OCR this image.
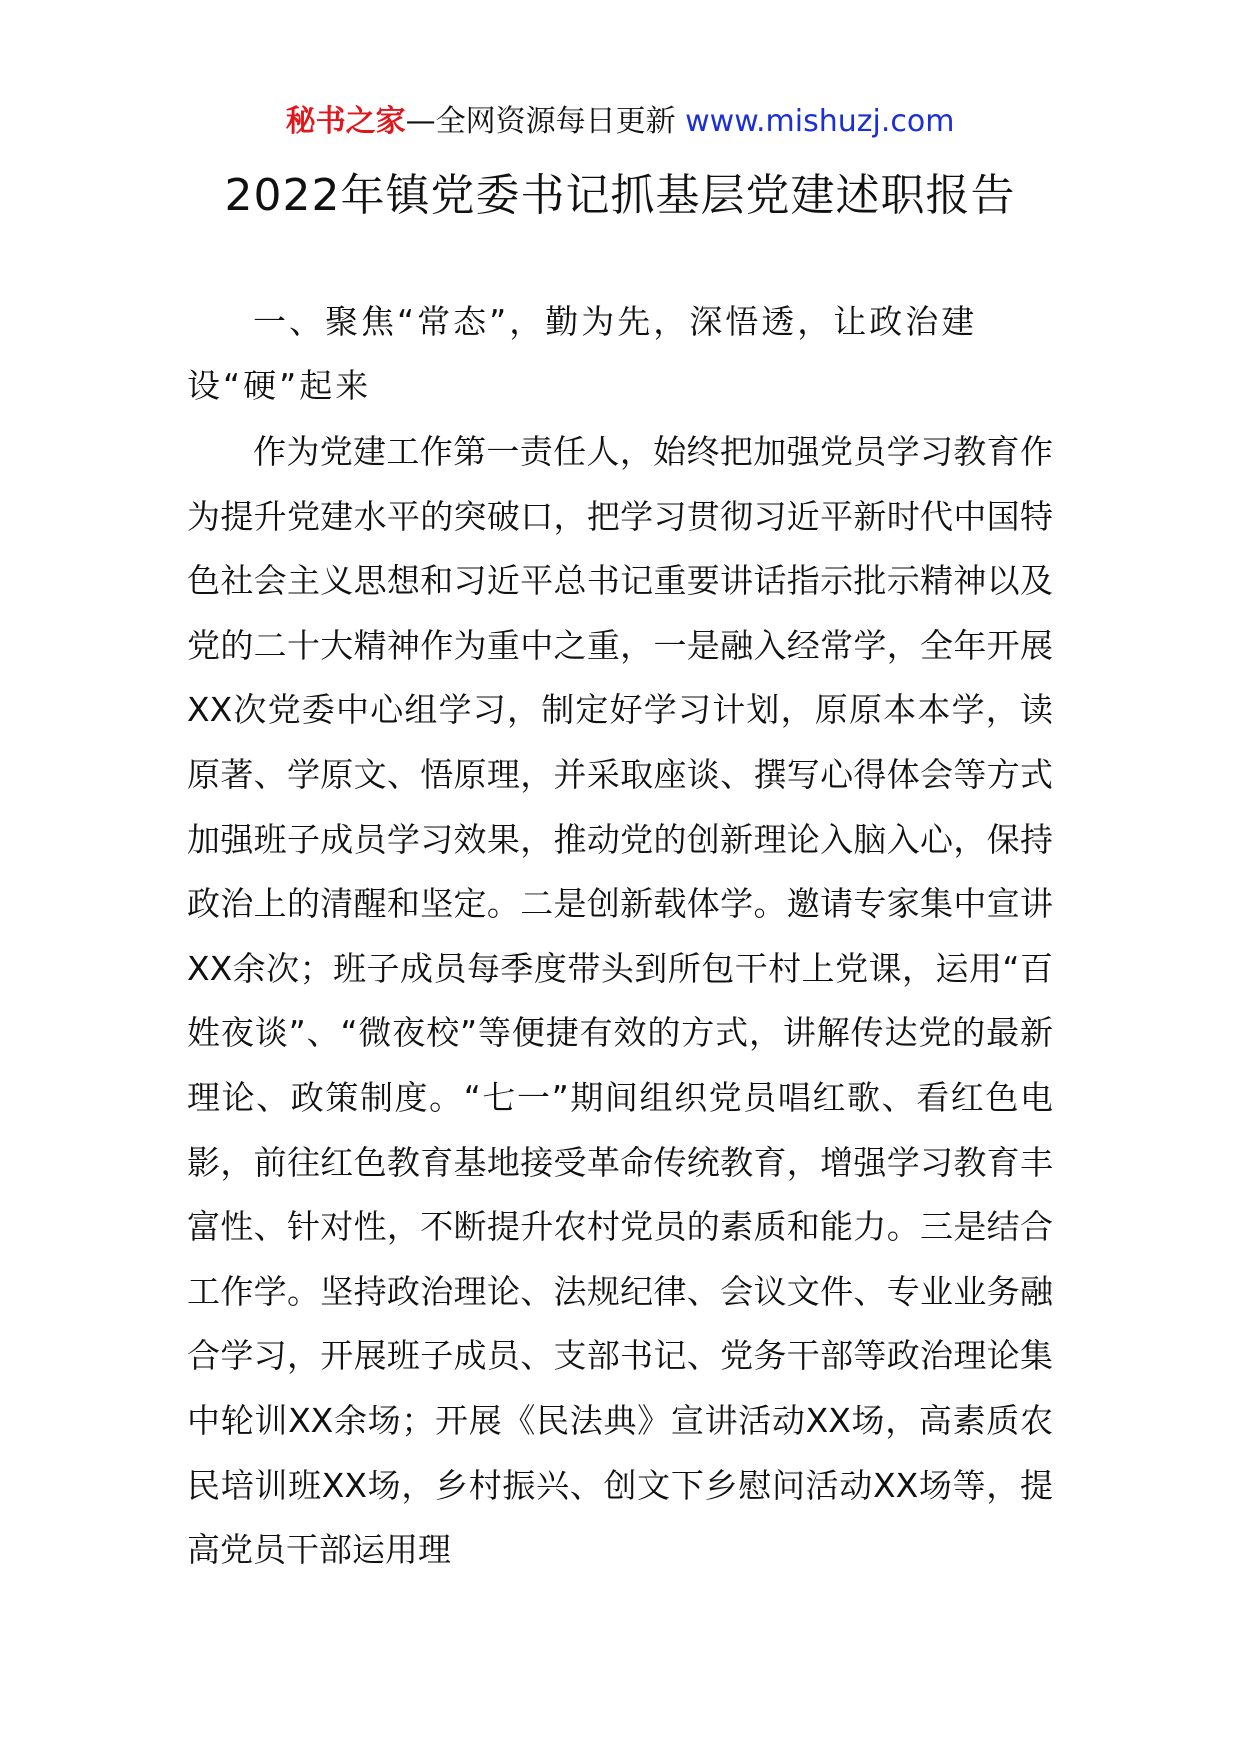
秘书之家—全网资源每日更新 www.mishuzj.com
2022年镇党委书记抓基层党建述职报告
一、聚焦“常态”，勤为先，深悟透，让政治建设“硬”起来

作为党建工作第一责任人，始终把加强党员学习教育作为提升党建水平的突破口，把学习贯彻习近平新时代中国特色社会主义思想和习近平总书记重要讲话指示批示精神以及党的二十大精神作为重中之重，一是融入经常学，全年开展XX次党委中心组学习，制定好学习计划，原原本本学，读原著、学原文、悟原理，并采取座谈、撰写心得体会等方式加强班子成员学习效果，推动党的创新理论入脑入心，保持政治上的清醒和坚定。二是创新载体学。邀请专家集中宣讲XX余次；班子成员每季度带头到所包干村上党课，运用“百姓夜谈”、“微夜校”等便捷有效的方式，讲解传达党的最新理论、政策制度。“七一”期间组织党员唱红歌、看红色电影，前往红色教育基地接受革命传统教育，增强学习教育丰富性、针对性，不断提升农村党员的素质和能力。三是结合工作学。坚持政治理论、法规纪律、会议文件、专业业务融合学习，开展班子成员、支部书记、党务干部等政治理论集中轮训XX余场；开展《民法典》宣讲活动XX场，高素质农民培训班XX场，乡村振兴、创文下乡慰问活动XX场等，提高党员干部运用理
